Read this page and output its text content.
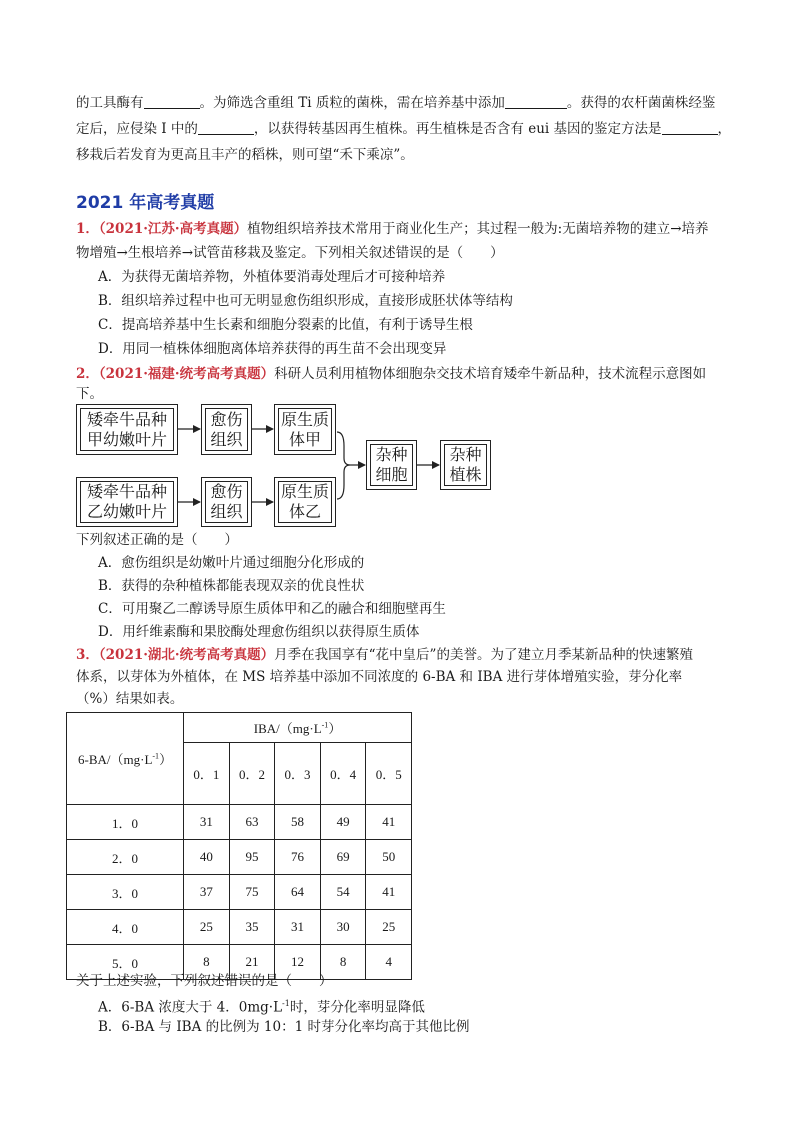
的工具酶有	。为筛选含重组 Ti 质粒的菌株，需在培养基中添加	。获得的农杆菌菌株经鉴
定后，应侵染 I 中的	，以获得转基因再生植株。再生植株是否含有 eui 基因的鉴定方法是	，
移栽后若发育为更高且丰产的稻株，则可望“禾下乘凉”。
2021 年高考真题
1．（2021·江苏·高考真题）植物组织培养技术常用于商业化生产；其过程一般为:无菌培养物的建立→培养
物增殖→生根培养→试管苗移栽及鉴定。下列相关叙述错误的是（　　）
A．为获得无菌培养物，外植体要消毒处理后才可接种培养
B．组织培养过程中也可无明显愈伤组织形成，直接形成胚状体等结构
C．提高培养基中生长素和细胞分裂素的比值，有利于诱导生根
D．用同一植株体细胞离体培养获得的再生苗不会出现变异
2．（2021·福建·统考高考真题）科研人员利用植物体细胞杂交技术培育矮牵牛新品种，技术流程示意图如
下。
矮牵牛品种甲幼嫩叶片
愈伤组织
原生质体甲
矮牵牛品种乙幼嫩叶片
愈伤组织
原生质体乙
杂种细胞
杂种植株
下列叙述正确的是（　　）
A．愈伤组织是幼嫩叶片通过细胞分化形成的
B．获得的杂种植株都能表现双亲的优良性状
C．可用聚乙二醇诱导原生质体甲和乙的融合和细胞壁再生
D．用纤维素酶和果胶酶处理愈伤组织以获得原生质体
3．（2021·湖北·统考高考真题）月季在我国享有“花中皇后”的美誉。为了建立月季某新品种的快速繁殖
体系，以芽体为外植体，在 MS 培养基中添加不同浓度的 6-BA 和 IBA 进行芽体增殖实验，芽分化率
（%）结果如表。
$6-BA/(mg\cdot L^{-1})$	IBA/$(mg\cdot L^{-1})$				
	0．1	0．2	0．3	0．4	0．5
1．0	31	63	58	49	41
2．0	40	95	76	69	50
3．0	37	75	64	54	41
4．0	25	35	31	30	25
5．0	8	21	12	8	4
关于上述实验，下列叙述错误的是（　　）
A．6-BA 浓度大于 4．$0mg\cdot L^{-1}$时，芽分化率明显降低
B．6-BA 与 IBA 的比例为 10：1 时芽分化率均高于其他比例
